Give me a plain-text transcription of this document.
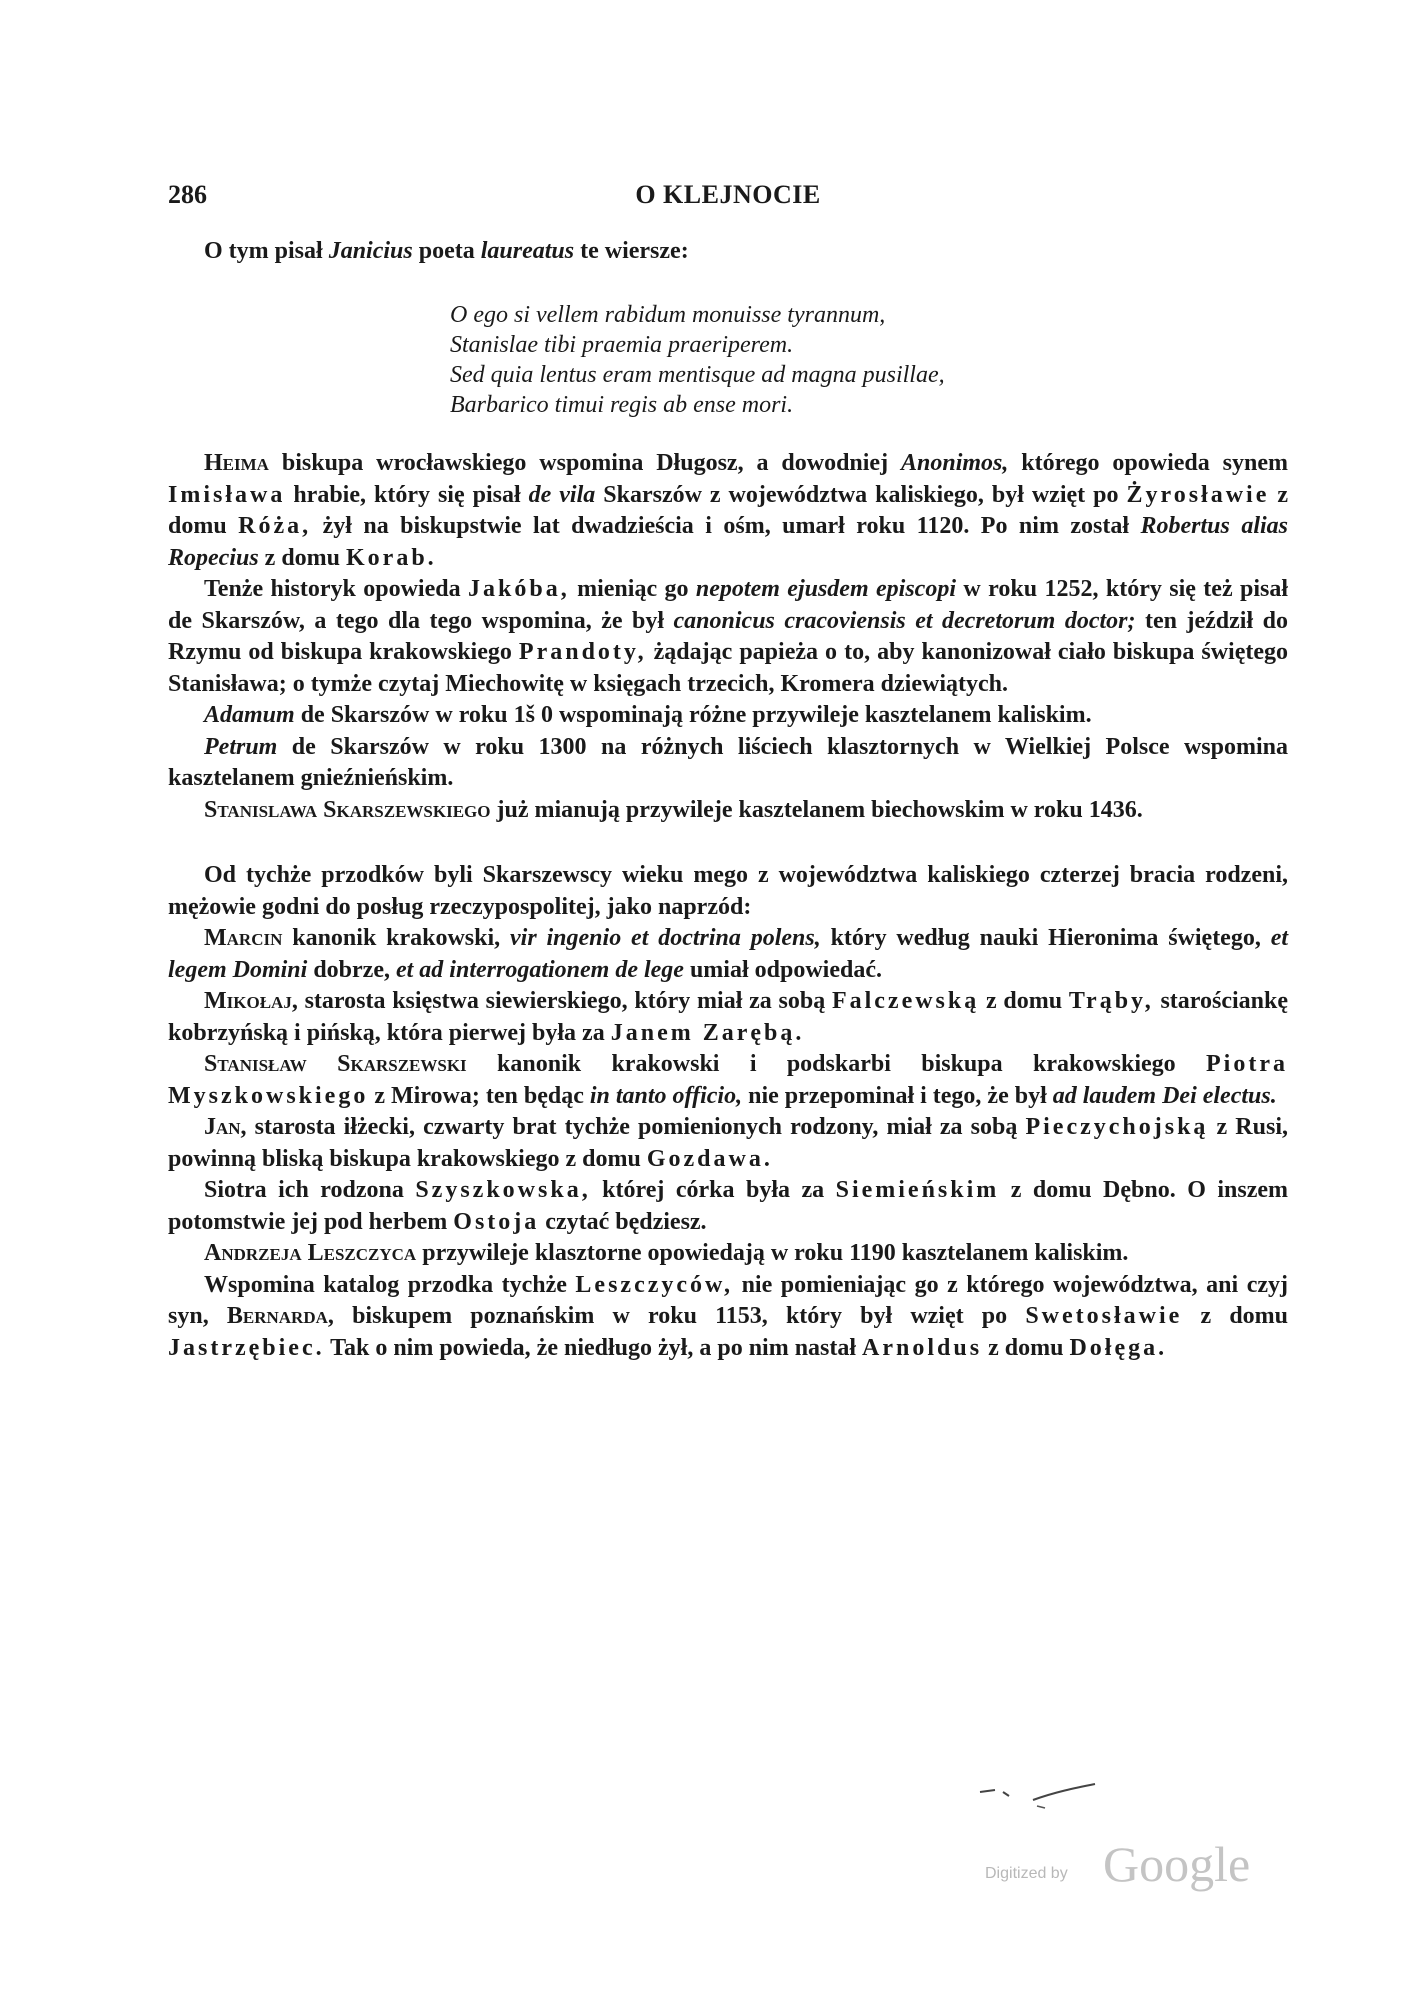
286	O KLEJNOCIE
O tym pisał Janicius poeta laureatus te wiersze:
O ego si vellem rabidum monuisse tyrannum,
Stanislae tibi praemia praeriperem.
Sed quia lentus eram mentisque ad magna pusillae,
Barbarico timui regis ab ense mori.

Heima biskupa wrocławskiego wspomina Długosz, a dowodniej Anonimos, którego opowieda synem Imisława hrabie, który się pisał de vila Skarszów z województwa kaliskiego, był wzięt po Żyrosławie z domu Róża, żył na biskupstwie lat dwadzieścia i ośm, umarł roku 1120. Po nim został Robertus alias Ropecius z domu Korab.

Tenże historyk opowieda Jakóba, mieniąc go nepotem ejusdem episcopi w roku 1252, który się też pisał de Skarszów, a tego dla tego wspomina, że był canonicus cracoviensis et decretorum doctor; ten jeździł do Rzymu od biskupa krakowskiego Prandoty, żądając papieża o to, aby kanonizował ciało biskupa świętego Stanisława; o tymże czytaj Miechowitę w księgach trzecich, Kromera dziewiątych.

Adamum de Skarszów w roku 1š 0 wspominają różne przywileje kasztelanem kaliskim.

Petrum de Skarszów w roku 1300 na różnych liściech klasztornych w Wielkiej Polsce wspomina kasztelanem gnieźnieńskim.

Stanislawa Skarszewskiego już mianują przywileje kasztelanem biechowskim w roku 1436.

Od tychże przodków byli Skarszewscy wieku mego z województwa kaliskiego czterzej bracia rodzeni, mężowie godni do posług rzeczypospolitej, jako naprzód:

Marcin kanonik krakowski, vir ingenio et doctrina polens, który według nauki Hieronima świętego, et legem Domini dobrze, et ad interrogationem de lege umiał odpowiedać.

Mikołaj, starosta księstwa siewierskiego, który miał za sobą Falczewską z domu Trąby, starościankę kobrzyńską i pińską, która pierwej była za Janem Zarębą.

Stanisław Skarszewski kanonik krakowski i podskarbi biskupa krakowskiego Piotra Myszkowskiego z Mirowa; ten będąc in tanto officio, nie przepominał i tego, że był ad laudem Dei electus.

Jan, starosta iłżecki, czwarty brat tychże pomienionych rodzony, miał za sobą Pieczychojską z Rusi, powinną bliską biskupa krakowskiego z domu Gozdawa.

Siotra ich rodzona Szyszkowska, której córka była za Siemieńskim z domu Dębno. O inszem potomstwie jej pod herbem Ostoja czytać będziesz.

Andrzeja Leszczyca przywileje klasztorne opowiedają w roku 1190 kasztelanem kaliskim.

Wspomina katalog przodka tychże Leszczyców, nie pomieniając go z którego województwa, ani czyj syn, Bernarda, biskupem poznańskim w roku 1153, który był wzięt po Swetosławie z domu Jastrzębiec. Tak o nim powieda, że niedługo żył, a po nim nastał Arnoldus z domu Dołęga.

Digitized by Google
